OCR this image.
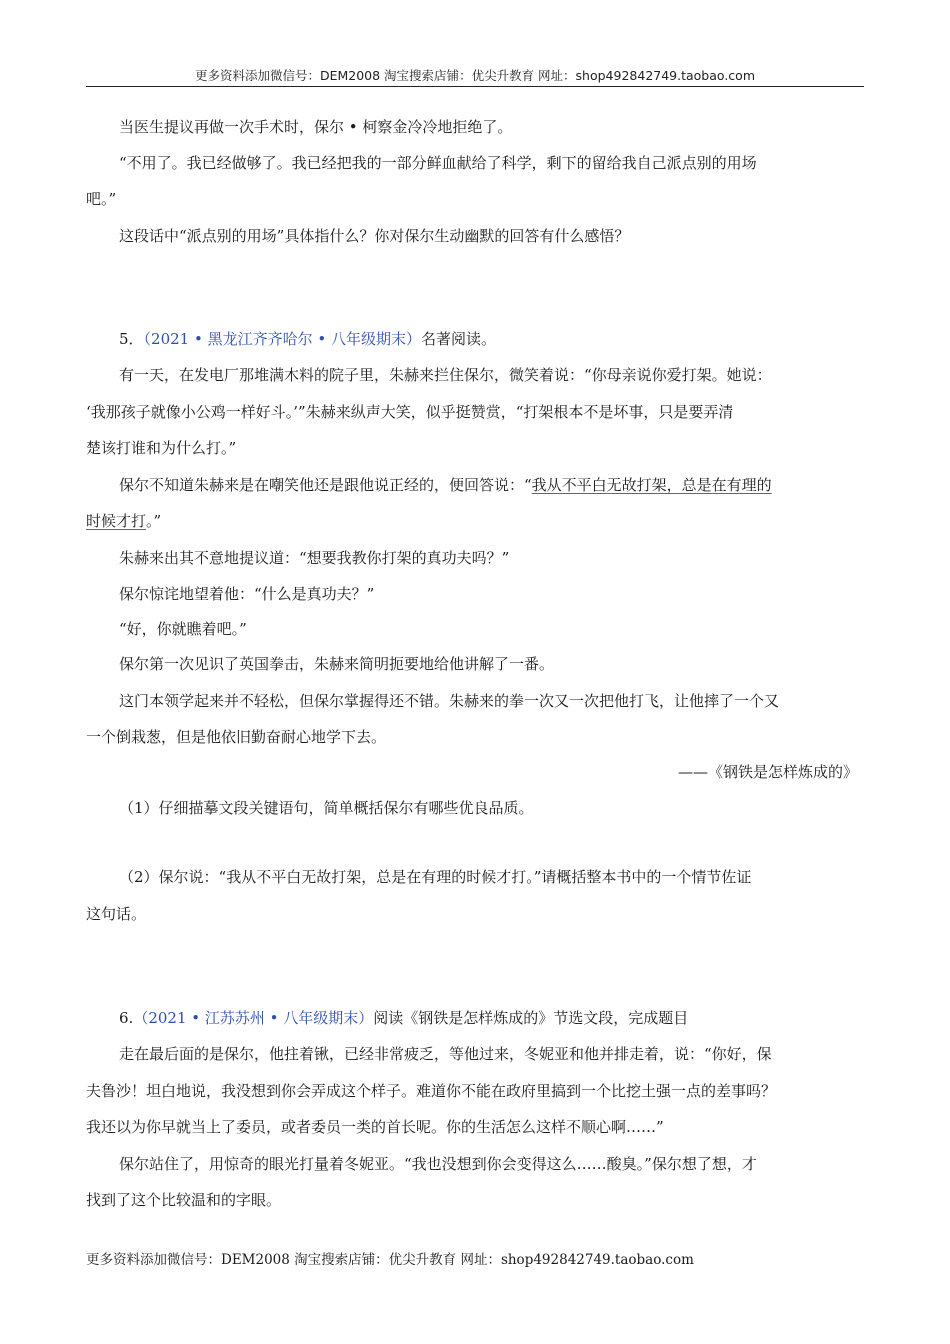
更多资料添加微信号：DEM2008 淘宝搜索店铺：优尖升教育 网址：shop492842749.taobao.com
当医生提议再做一次手术时，保尔 • 柯察金冷冷地拒绝了。
“不用了。我已经做够了。我已经把我的一部分鲜血献给了科学，剩下的留给我自己派点别的用场
吧。”
这段话中“派点别的用场”具体指什么？你对保尔生动幽默的回答有什么感悟？
5．（2021 • 黑龙江齐齐哈尔 • 八年级期末）名著阅读。
有一天，在发电厂那堆满木料的院子里，朱赫来拦住保尔，微笑着说：“你母亲说你爱打架。她说：
‘我那孩子就像小公鸡一样好斗。’”朱赫来纵声大笑，似乎挺赞赏，“打架根本不是坏事，只是要弄清
楚该打谁和为什么打。”
保尔不知道朱赫来是在嘲笑他还是跟他说正经的，便回答说：“我从不平白无故打架，总是在有理的
时候才打。”
朱赫来出其不意地提议道：“想要我教你打架的真功夫吗？”
保尔惊诧地望着他：“什么是真功夫？”
“好，你就瞧着吧。”
保尔第一次见识了英国拳击，朱赫来简明扼要地给他讲解了一番。
这门本领学起来并不轻松，但保尔掌握得还不错。朱赫来的拳一次又一次把他打飞，让他摔了一个又
一个倒栽葱，但是他依旧勤奋耐心地学下去。
——《钢铁是怎样炼成的》
（1）仔细描摹文段关键语句，简单概括保尔有哪些优良品质。
（2）保尔说：“我从不平白无故打架，总是在有理的时候才打。”请概括整本书中的一个情节佐证
这句话。
6.（2021 • 江苏苏州 • 八年级期末）阅读《钢铁是怎样炼成的》节选文段，完成题目
走在最后面的是保尔，他拄着锹，已经非常疲乏，等他过来，冬妮亚和他并排走着，说：“你好，保
夫鲁沙！坦白地说，我没想到你会弄成这个样子。难道你不能在政府里搞到一个比挖土强一点的差事吗？
我还以为你早就当上了委员，或者委员一类的首长呢。你的生活怎么这样不顺心啊……”
保尔站住了，用惊奇的眼光打量着冬妮亚。“我也没想到你会变得这么……酸臭。”保尔想了想，才
找到了这个比较温和的字眼。
更多资料添加微信号：DEM2008 淘宝搜索店铺：优尖升教育 网址：shop492842749.taobao.com
